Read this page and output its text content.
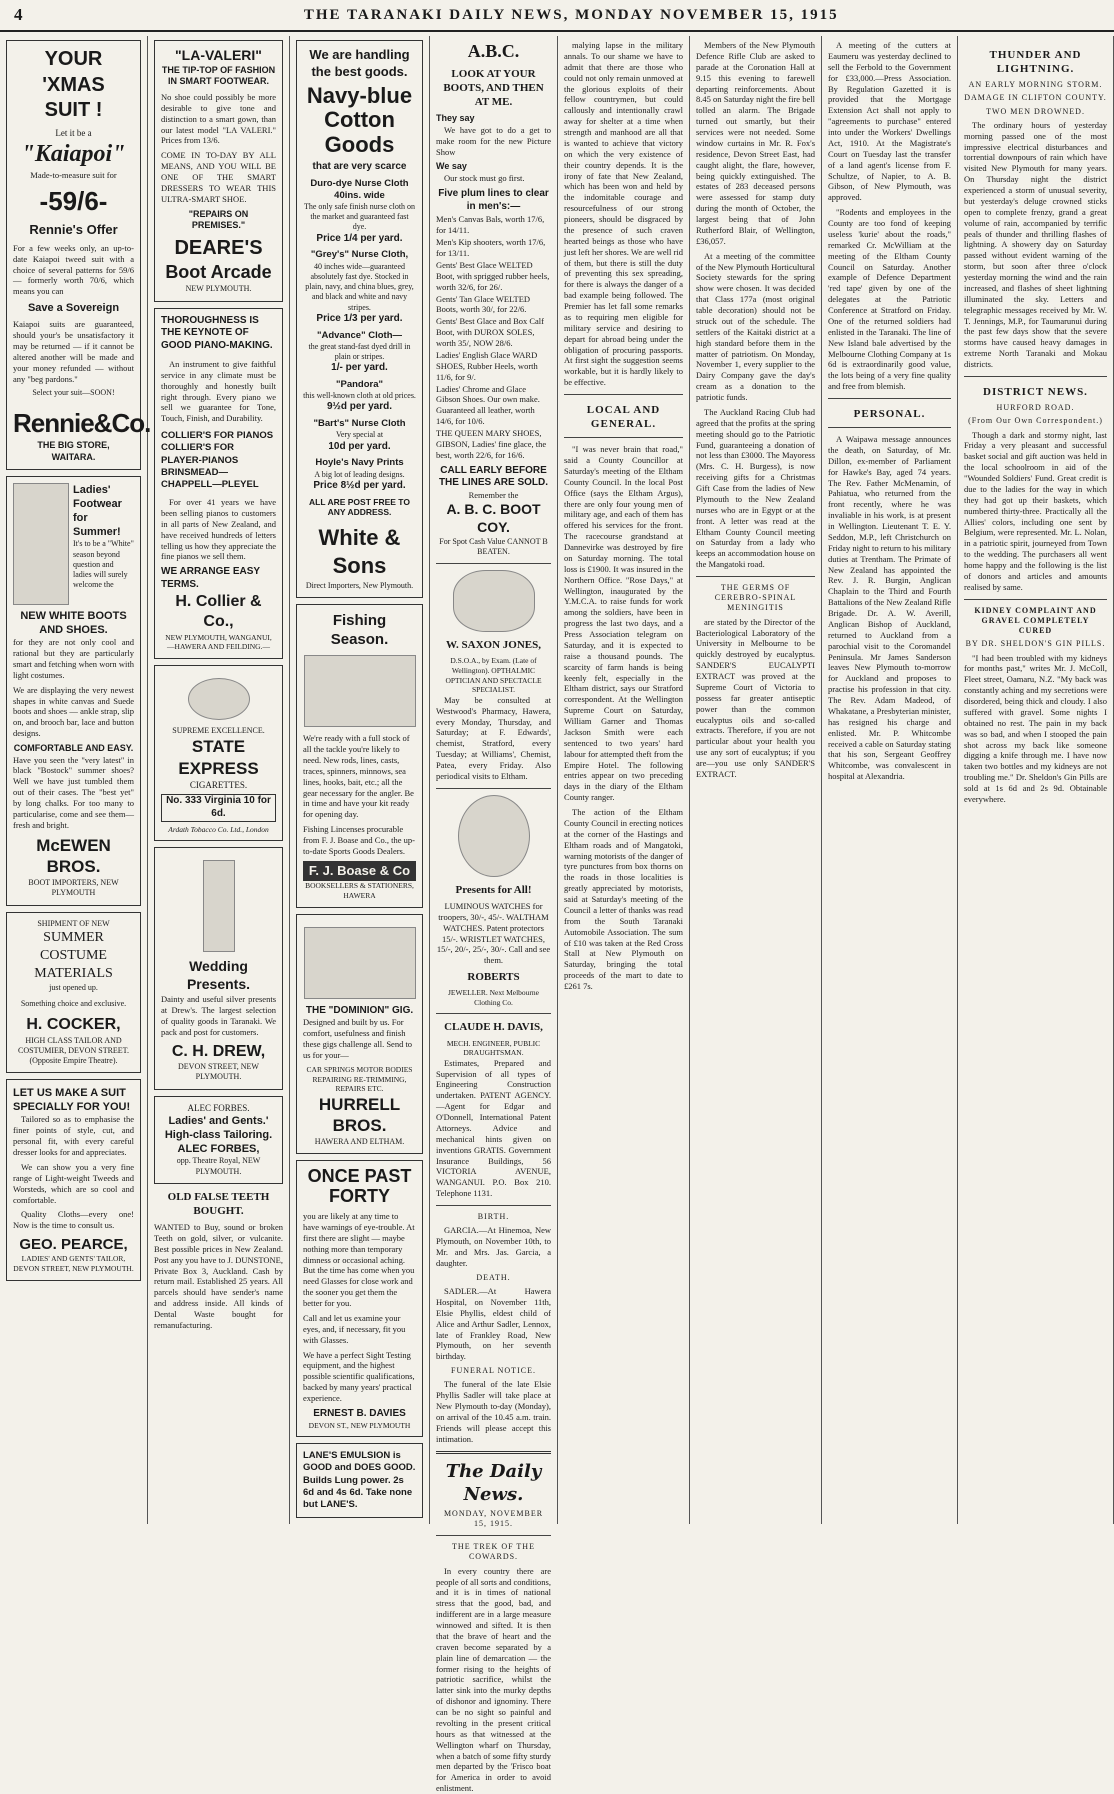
4	THE TARANAKI DAILY NEWS, MONDAY NOVEMBER 15, 1915
YOUR
'XMAS
SUIT !
Let it be a
"Kaiapoi"
Made-to-measure suit for
-59/6-
Rennie's Offer

For a few weeks only, an up-to-date Kaiapoi tweed suit with a choice of several patterns for 59/6 — formerly worth 70/6, which means you can

Save a Sovereign

Kaiapoi suits are guaranteed, should your's be unsatisfactory it may be returned — if it cannot be altered another will be made and your money refunded — without any "beg pardons."

Select your suit—SOON!
Rennie&Co.
THE BIG STORE,
WAITARA.
Ladies' Footwear for Summer!
It's to be a "White" season beyond question and ladies will surely welcome the
NEW WHITE BOOTS AND SHOES.

for they are not only cool and rational but they are particularly smart and fetching when worn with light costumes.

We are displaying the very newest shapes in white canvas and Suede boots and shoes — ankle strap, slip on, and brooch bar, lace and button designs.

COMFORTABLE AND EASY.

Have you seen the "very latest" in black "Bostock" summer shoes? Well we have just tumbled them out of their cases. The "best yet" by long chalks. For too many to particularise, come and see them—fresh and bright.

McEWEN BROS.
BOOT IMPORTERS, NEW PLYMOUTH
SHIPMENT OF NEW
SUMMER
COSTUME
MATERIALS
just opened up.
Something choice and exclusive.
H. COCKER,
HIGH CLASS TAILOR AND COSTUMIER, DEVON STREET. (Opposite Empire Theatre).
LET US MAKE A SUIT SPECIALLY FOR YOU!

Tailored so as to emphasise the finer points of style, cut, and personal fit, with every careful dresser looks for and appreciates.

We can show you a very fine range of Light-weight Tweeds and Worsteds, which are so cool and comfortable.

Quality Cloths—every one! Now is the time to consult us.

GEO. PEARCE,
LADIES' AND GENTS' TAILOR, DEVON STREET, NEW PLYMOUTH.
"LA-VALERI"
THE TIP-TOP OF FASHION IN SMART FOOTWEAR.

No shoe could possibly be more desirable to give tone and distinction to a smart gown, than our latest model "LA VALERI." Prices from 13/6.

COME IN TO-DAY BY ALL MEANS, AND YOU WILL BE ONE OF THE SMART DRESSERS TO WEAR THIS ULTRA-SMART SHOE.

"REPAIRS ON PREMISES."
DEARE'S
Boot Arcade
NEW PLYMOUTH.
THOROUGHNESS IS THE KEYNOTE OF GOOD PIANO-MAKING.

An instrument to give faithful service in any climate must be thoroughly and honestly built right through. Every piano we sell we guarantee for Tone, Touch, Finish, and Durability.

COLLIER'S FOR PIANOS
COLLIER'S FOR PLAYER-PIANOS
BRINSMEAD—CHAPPELL—PLEYEL

For over 41 years we have been selling pianos to customers in all parts of New Zealand, and have received hundreds of letters telling us how they appreciate the fine pianos we sell them.

WE ARRANGE EASY TERMS.
H. Collier & Co.,
NEW PLYMOUTH, WANGANUI, —HAWERA AND FEILDING.—
SUPREME EXCELLENCE.
STATE EXPRESS
CIGARETTES.
No. 333 Virginia 10 for 6d.
Ardath Tobacco Co. Ltd., London
Wedding Presents.

Dainty and useful silver presents at Drew's. The largest selection of quality goods in Taranaki. We pack and post for customers.

C. H. DREW,
DEVON STREET, NEW PLYMOUTH.
ALEC FORBES.
Ladies' and Gents.' High-class Tailoring.
ALEC FORBES,
opp. Theatre Royal, NEW PLYMOUTH.
OLD FALSE TEETH BOUGHT.

WANTED to Buy, sound or broken Teeth on gold, silver, or vulcanite. Best possible prices in New Zealand. Post any you have to J. DUNSTONE, Private Box 3, Auckland. Cash by return mail. Established 25 years. All parcels should have sender's name and address inside. All kinds of Dental Waste bought for remanufacturing.

We are handling the best goods.
Navy-blue Cotton Goods
that are very scarce
Duro-dye Nurse Cloth 40ins. wide
The only safe finish nurse cloth on the market and guaranteed fast dye.
Price 1/4 per yard.
"Grey's" Nurse Cloth,
40 inches wide—guaranteed absolutely fast dye. Stocked in plain, navy, and china blues, grey, and black and white and navy stripes.
Price 1/3 per yard.
"Advance" Cloth—
the great stand-fast dyed drill in plain or stripes.
1/- per yard.
"Pandora"
this well-known cloth at old prices.
9½d per yard.
"Bart's" Nurse Cloth
Very special at
10d per yard.
Hoyle's Navy Prints
A big lot of leading designs.
Price 8½d per yard.
ALL ARE POST FREE TO ANY ADDRESS.
White & Sons
Direct Importers, New Plymouth.
Fishing Season.

We're ready with a full stock of all the tackle you're likely to need. New rods, lines, casts, traces, spinners, minnows, sea lines, hooks, bait, etc.; all the gear necessary for the angler. Be in time and have your kit ready for opening day.

Fishing Lincenses procurable from F. J. Boase and Co., the up-to-date Sports Goods Dealers.

F. J. Boase & Co
BOOKSELLERS & STATIONERS, HAWERA
THE "DOMINION" GIG.

Designed and built by us. For comfort, usefulness and finish these gigs challenge all. Send to us for your—

CAR SPRINGS MOTOR BODIES
REPAIRING RE-TRIMMING, REPAIRS ETC.
HURRELL BROS.
HAWERA AND ELTHAM.
ONCE PAST FORTY

you are likely at any time to have warnings of eye-trouble. At first there are slight — maybe nothing more than temporary dimness or occasional aching. But the time has come when you need Glasses for close work and the sooner you get them the better for you.

Call and let us examine your eyes, and, if necessary, fit you with Glasses.

We have a perfect Sight Testing equipment, and the highest possible scientific qualifications, backed by many years' practical experience.

ERNEST B. DAVIES
DEVON ST., NEW PLYMOUTH
LANE'S EMULSION is GOOD and DOES GOOD. Builds Lung power. 2s 6d and 4s 6d. Take none but LANE'S.
A.B.C.
LOOK AT YOUR BOOTS, AND THEN AT ME.
They say

We have got to do a get to make room for the new Picture Show

We say

Our stock must go first.

Five plum lines to clear in men's:—
Men's Canvas Bals, worth 17/6, for 14/11.
Men's Kip shooters, worth 17/6, for 13/11.
Gents' Best Glace WELTED Boot, with sprigged rubber heels, worth 32/6, for 26/.
Gents' Tan Glace WELTED Boots, worth 30/, for 22/6.
Gents' Best Glace and Box Calf Boot, with DUROX SOLES, worth 35/, NOW 28/6.
Ladies' English Glace WARD SHOES, Rubber Heels, worth 11/6, for 9/.
Ladies' Chrome and Glace Gibson Shoes. Our own make. Guaranteed all leather, worth 14/6, for 10/6.
THE QUEEN MARY SHOES, GIBSON, Ladies' fine glace, the best, worth 22/6, for 16/6.
CALL EARLY BEFORE THE LINES ARE SOLD.
Remember the
A. B. C. BOOT COY.
For Spot Cash Value CANNOT B BEATEN.
W. SAXON JONES,
D.S.O.A., by Exam. (Late of Wellington). OPTHALMIC OPTICIAN AND SPECTACLE SPECIALIST.

May be consulted at Westwood's Pharmacy, Hawera, every Monday, Thursday, and Saturday; at F. Edwards', chemist, Stratford, every Tuesday; at Williams', Chemist, Patea, every Friday. Also periodical visits to Eltham.

Presents for All!

LUMINOUS WATCHES for troopers, 30/-, 45/-. WALTHAM WATCHES. Patent protectors 15/-. WRISTLET WATCHES, 15/-, 20/-, 25/-, 30/-. Call and see them.

ROBERTS
JEWELLER. Next Melbourne Clothing Co.
CLAUDE H. DAVIS,
MECH. ENGINEER, PUBLIC DRAUGHTSMAN.

Estimates, Prepared and Supervision of all types of Engineering Construction undertaken. PATENT AGENCY.—Agent for Edgar and O'Donnell, International Patent Attorneys. Advice and mechanical hints given on inventions GRATIS. Government Insurance Buildings, 56 VICTORIA AVENUE, WANGANUI. P.O. Box 210. Telephone 1131.

BIRTH.

GARCIA.—At Hinemoa, New Plymouth, on November 10th, to Mr. and Mrs. Jas. Garcia, a daughter.

DEATH.

SADLER.—At Hawera Hospital, on November 11th, Elsie Phyllis, eldest child of Alice and Arthur Sadler, Lennox, late of Frankley Road, New Plymouth, on her seventh birthday.

FUNERAL NOTICE.

The funeral of the late Elsie Phyllis Sadler will take place at New Plymouth to-day (Monday), on arrival of the 10.45 a.m. train. Friends will please accept this intimation.

The Daily News.
MONDAY, NOVEMBER 15, 1915.
THE TREK OF THE COWARDS.

In every country there are people of all sorts and conditions, and it is in times of national stress that the good, bad, and indifferent are in a large measure winnowed and sifted. It is then that the brave of heart and the craven become separated by a plain line of demarcation — the former rising to the heights of patriotic sacrifice, whilst the latter sink into the murky depths of dishonor and ignominy. There can be no sight so painful and revolting in the present critical hours as that witnessed at the Wellington wharf on Thursday, when a batch of some fifty sturdy men departed by the 'Frisco boat for America in order to avoid enlistment.

malying lapse in the military annals. To our shame we have to admit that there are those who could not only remain unmoved at the glorious exploits of their fellow countrymen, but could callously and intentionally crawl away for shelter at a time when strength and manhood are all that is wanted to achieve that victory on which the very existence of their country depends. It is the irony of fate that New Zealand, which has been won and held by the indomitable courage and resourcefulness of our strong pioneers, should be disgraced by the presence of such craven hearted beings as those who have just left her shores. We are well rid of them, but there is still the duty of preventing this sex spreading, for there is always the danger of a bad example being followed. The Premier has let fall some remarks as to requiring men eligible for military service and desiring to depart for abroad being under the obligation of procuring passports. At first sight the suggestion seems workable, but it is hardly likely to be effective.

LOCAL AND GENERAL.

"I was never brain that road," said a County Councillor at Saturday's meeting of the Eltham County Council. In the local Post Office (says the Eltham Argus), there are only four young men of military age, and each of them has offered his services for the front. The racecourse grandstand at Dannevirke was destroyed by fire on Saturday morning. The total loss is £1900. It was insured in the Northern Office. "Rose Days," at Wellington, inaugurated by the Y.M.C.A. to raise funds for work among the soldiers, have been in progress the last two days, and a Press Association telegram on Saturday, and it is expected to raise a thousand pounds. The scarcity of farm hands is being keenly felt, especially in the Eltham district, says our Stratford correspondent. At the Wellington Supreme Court on Saturday, William Garner and Thomas Jackson Smith were each sentenced to two years' hard labour for attempted theft from the Empire Hotel. The following entries appear on two preceding days in the diary of the Eltham County ranger.

The action of the Eltham County Council in erecting notices at the corner of the Hastings and Eltham roads and of Mangatoki, warning motorists of the danger of tyre punctures from box thorns on the roads in those localities is greatly appreciated by motorists, said at Saturday's meeting of the Council a letter of thanks was read from the South Taranaki Automobile Association. The sum of £10 was taken at the Red Cross Stall at New Plymouth on Saturday, bringing the total proceeds of the mart to date to £261 7s.

Members of the New Plymouth Defence Rifle Club are asked to parade at the Coronation Hall at 9.15 this evening to farewell departing reinforcements. About 8.45 on Saturday night the fire bell tolled an alarm. The Brigade turned out smartly, but their services were not needed. Some window curtains in Mr. R. Fox's residence, Devon Street East, had caught alight, the flare, however, being quickly extinguished. The estates of 283 deceased persons were assessed for stamp duty during the month of October, the largest being that of John Rutherford Blair, of Wellington, £36,057.

At a meeting of the committee of the New Plymouth Horticultural Society stewards for the spring show were chosen. It was decided that Class 177a (most original table decoration) should not be struck out of the schedule. The settlers of the Kaitaki district at a high standard before them in the matter of patriotism. On Monday, November 1, every supplier to the Dairy Company gave the day's cream as a donation to the patriotic funds.

The Auckland Racing Club had agreed that the profits at the spring meeting should go to the Patriotic Fund, guaranteeing a donation of not less than £3000. The Mayoress (Mrs. C. H. Burgess), is now receiving gifts for a Christmas Gift Case from the ladies of New Plymouth to the New Zealand nurses who are in Egypt or at the front. A letter was read at the Eltham County Council meeting on Saturday from a lady who keeps an accommodation house on the Mangatoki road.

THE GERMS OF CEREBRO-SPINAL MENINGITIS

are stated by the Director of the Bacteriological Laboratory of the University in Melbourne to be quickly destroyed by eucalyptus. SANDER'S EUCALYPTI EXTRACT was proved at the Supreme Court of Victoria to possess far greater antiseptic power than the common eucalyptus oils and so-called extracts. Therefore, if you are not particular about your health you use any sort of eucalyptus; if you are—you use only SANDER'S EXTRACT.

A meeting of the cutters at Eaumeru was yesterday declined to sell the Ferbold to the Government for £33,000.—Press Association. By Regulation Gazetted it is provided that the Mortgage Extension Act shall not apply to "agreements to purchase" entered into under the Workers' Dwellings Act, 1910. At the Magistrate's Court on Tuesday last the transfer of a land agent's license from F. Schultze, of Napier, to A. B. Gibson, of New Plymouth, was approved.

"Rodents and employees in the County are too fond of keeping useless 'kurie' about the roads," remarked Cr. McWilliam at the meeting of the Eltham County Council on Saturday. Another example of Defence Department 'red tape' given by one of the delegates at the Patriotic Conference at Stratford on Friday. One of the returned soldiers had enlisted in the Taranaki. The line of New Island bale advertised by the Melbourne Clothing Company at 1s 6d is extraordinarily good value, the lots being of a very fine quality and free from blemish.

PERSONAL.

A Waipawa message announces the death, on Saturday, of Mr. Dillon, ex-member of Parliament for Hawke's Bay, aged 74 years. The Rev. Father McMenamin, of Pahiatua, who returned from the front recently, where he was invaliable in his work, is at present in Wellington. Lieutenant T. E. Y. Seddon, M.P., left Christchurch on Friday night to return to his military duties at Trentham. The Primate of New Zealand has appointed the Rev. J. R. Burgin, Anglican Chaplain to the Third and Fourth Battalions of the New Zealand Rifle Brigade. Dr. A. W. Averill, Anglican Bishop of Auckland, returned to Auckland from a parochial visit to the Coromandel Peninsula. Mr James Sanderson leaves New Plymouth to-morrow for Auckland and proposes to practise his profession in that city. The Rev. Adam Madeod, of Whakatane, a Presbyterian minister, has resigned his charge and enlisted. Mr. P. Whitcombe received a cable on Saturday stating that his son, Sergeant Geoffrey Whitcombe, was convalescent in hospital at Alexandria.

THUNDER AND LIGHTNING.
AN EARLY MORNING STORM.
DAMAGE IN CLIFTON COUNTY.
TWO MEN DROWNED.

The ordinary hours of yesterday morning passed one of the most impressive electrical disturbances and torrential downpours of rain which have visited New Plymouth for many years. On Thursday night the district experienced a storm of unusual severity, but yesterday's deluge crowned sticks open to complete frenzy, grand a great volume of rain, accompanied by terrific peals of thunder and thrilling flashes of lightning. A showery day on Saturday passed without evident warning of the storm, but soon after three o'clock yesterday morning the wind and the rain increased, and flashes of sheet lightning illuminated the sky. Letters and telegraphic messages received by Mr. W. T. Jennings, M.P., for Taumarunui during the past few days show that the severe storms have caused heavy damages in extreme North Taranaki and Mokau districts.

DISTRICT NEWS.
HURFORD ROAD.
(From Our Own Correspondent.)

Though a dark and stormy night, last Friday a very pleasant and successful basket social and gift auction was held in the local schoolroom in aid of the "Wounded Soldiers' Fund. Great credit is due to the ladies for the way in which they had got up their baskets, which numbered thirty-three. Practically all the Allies' colors, including one sent by Belgium, were represented. Mr. L. Nolan, in a patriotic spirit, journeyed from Town to the wedding. The purchasers all went home happy and the following is the list of donors and articles and amounts realised by same.

KIDNEY COMPLAINT AND GRAVEL COMPLETELY CURED
BY DR. SHELDON'S GIN PILLS.

"I had been troubled with my kidneys for months past," writes Mr. J. McColl, Fleet street, Oamaru, N.Z. "My back was constantly aching and my secretions were disordered, being thick and cloudy. I also suffered with gravel. Some nights I obtained no rest. The pain in my back was so bad, and when I stooped the pain shot across my back like someone digging a knife through me. I have now taken two bottles and my kidneys are not troubling me." Dr. Sheldon's Gin Pills are sold at 1s 6d and 2s 9d. Obtainable everywhere.
